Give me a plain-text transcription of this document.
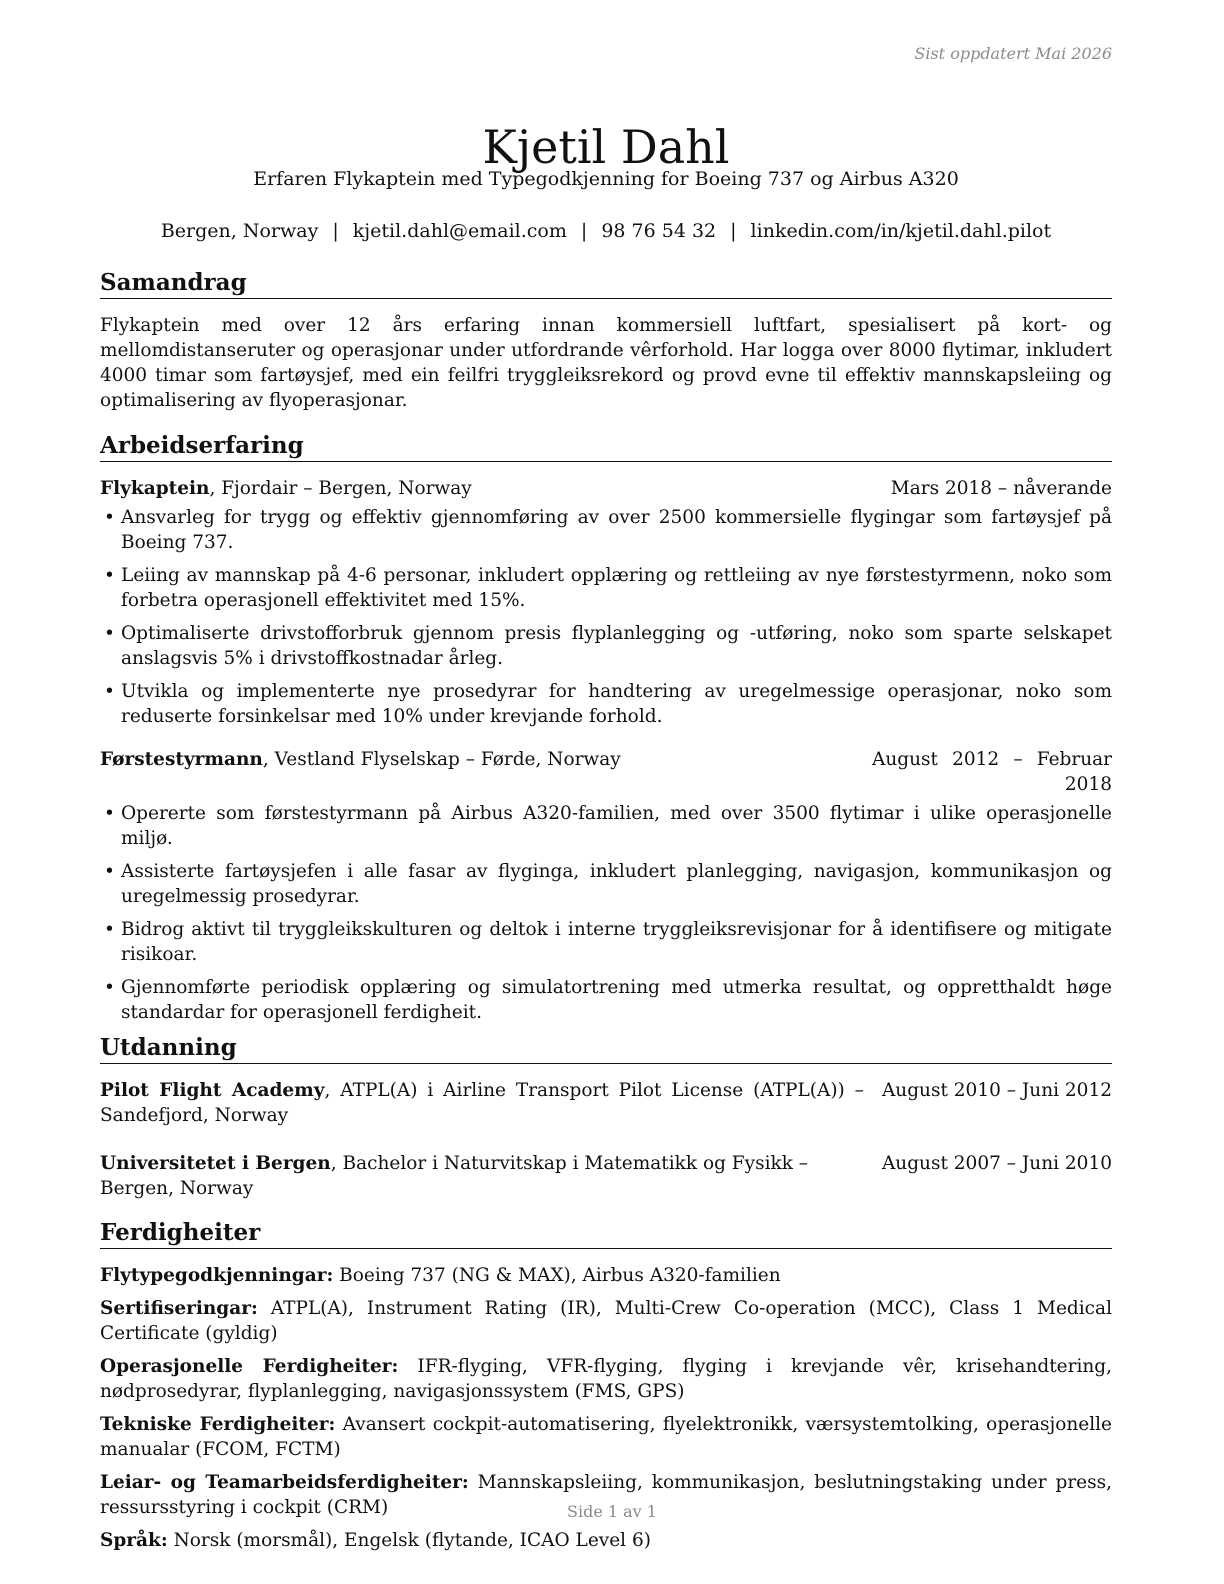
Sist oppdatert Mai 2026
Kjetil Dahl
Erfaren Flykaptein med Typegodkjenning for Boeing 737 og Airbus A320
Bergen, Norway | kjetil.dahl@email.com | 98 76 54 32 | linkedin.com/in/kjetil.dahl.pilot
Samandrag

Flykaptein med over 12 års erfaring innan kommersiell luftfart, spesialisert på kort- og mellomdistanseruter og operasjonar under utfordrande vêrforhold. Har logga over 8000 flytimar, inkludert 4000 timar som fartøysjef, med ein feilfri tryggleiksrekord og provd evne til effektiv mannskapsleiing og optimalisering av flyoperasjonar.

Arbeidserfaring
Flykaptein, Fjordair – Bergen, Norway	Mars 2018 – nåverande
• Ansvarleg for trygg og effektiv gjennomføring av over 2500 kommersielle flygingar som fartøysjef på Boeing 737.
• Leiing av mannskap på 4-6 personar, inkludert opplæring og rettleiing av nye førstestyrmenn, noko som forbetra operasjonell effektivitet med 15%.
• Optimaliserte drivstofforbruk gjennom presis flyplanlegging og -utføring, noko som sparte selskapet anslagsvis 5% i drivstoffkostnadar årleg.
• Utvikla og implementerte nye prosedyrar for handtering av uregelmessige operasjonar, noko som reduserte forsinkelsar med 10% under krevjande forhold.
Førstestyrmann, Vestland Flyselskap – Førde, Norway	August 2012 – Februar 2018
• Opererte som førstestyrmann på Airbus A320-familien, med over 3500 flytimar i ulike operasjonelle miljø.
• Assisterte fartøysjefen i alle fasar av flyginga, inkludert planlegging, navigasjon, kommunikasjon og uregelmessig prosedyrar.
• Bidrog aktivt til tryggleikskulturen og deltok i interne tryggleiksrevisjonar for å identifisere og mitigate risikoar.
• Gjennomførte periodisk opplæring og simulatortrening med utmerka resultat, og oppretthaldt høge standardar for operasjonell ferdigheit.
Utdanning
Pilot Flight Academy, ATPL(A) i Airline Transport Pilot License (ATPL(A)) – Sandefjord, Norway
August 2010 – Juni 2012
Universitetet i Bergen, Bachelor i Naturvitskap i Matematikk og Fysikk – Bergen, Norway
August 2007 – Juni 2010
Ferdigheiter

Flytypegodkjenningar: Boeing 737 (NG & MAX), Airbus A320-familien

Sertifiseringar: ATPL(A), Instrument Rating (IR), Multi-Crew Co-operation (MCC), Class 1 Medical Certificate (gyldig)

Operasjonelle Ferdigheiter: IFR-flyging, VFR-flyging, flyging i krevjande vêr, krisehandtering, nødprosedyrar, flyplanlegging, navigasjonssystem (FMS, GPS)

Tekniske Ferdigheiter: Avansert cockpit-automatisering, flyelektronikk, værsystemtolking, operasjonelle manualar (FCOM, FCTM)

Leiar- og Teamarbeidsferdigheiter: Mannskapsleiing, kommunikasjon, beslutningstaking under press, ressursstyring i cockpit (CRM)

Språk: Norsk (morsmål), Engelsk (flytande, ICAO Level 6)

Side 1 av 1
